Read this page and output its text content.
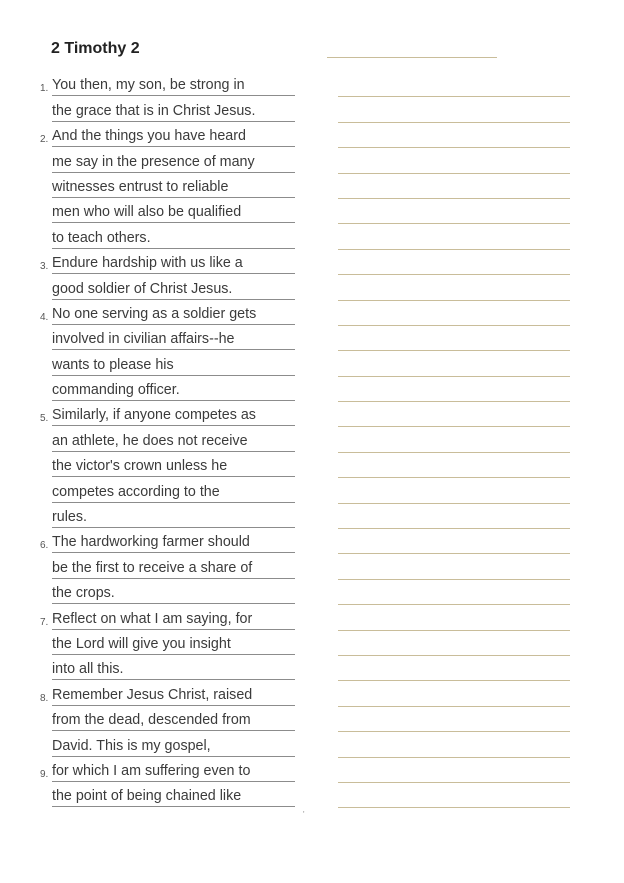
2 Timothy 2
1. You then, my son, be strong in
the grace that is in Christ Jesus.
2. And the things you have heard
me say in the presence of many
witnesses entrust to reliable
men who will also be qualified
to teach others.
3. Endure hardship with us like a
good soldier of Christ Jesus.
4. No one serving as a soldier gets
involved in civilian affairs--he
wants to please his
commanding officer.
5. Similarly, if anyone competes as
an athlete, he does not receive
the victor's crown unless he
competes according to the
rules.
6. The hardworking farmer should
be the first to receive a share of
the crops.
7. Reflect on what I am saying, for
the Lord will give you insight
into all this.
8. Remember Jesus Christ, raised
from the dead, descended from
David. This is my gospel,
9. for which I am suffering even to
the point of being chained like
'
